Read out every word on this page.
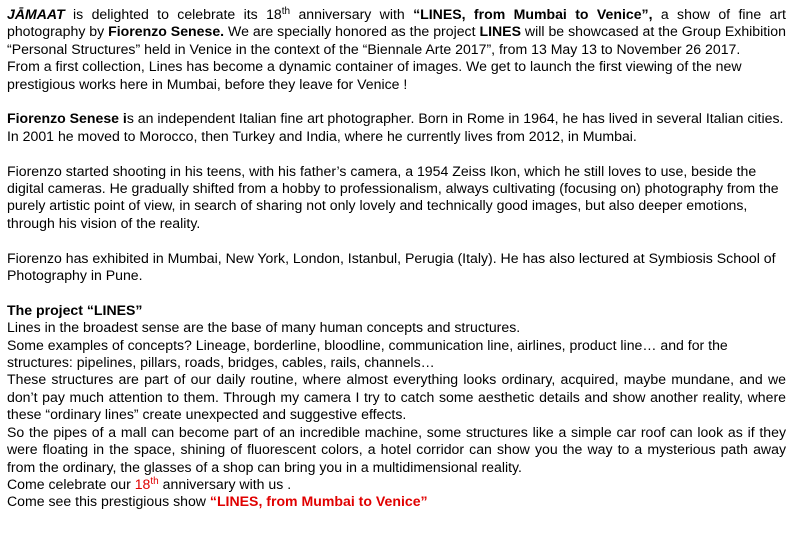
JĀMAAT is delighted to celebrate its 18th anniversary with “LINES, from Mumbai to Venice”, a show of fine art photography by Fiorenzo Senese. We are specially honored as the project LINES will be showcased at the Group Exhibition “Personal Structures” held in Venice in the context of the “Biennale Arte 2017”, from 13 May 13 to November 26 2017.

From a first collection, Lines has become a dynamic container of images. We get to launch the first viewing of the new prestigious works here in Mumbai, before they leave for Venice !

Fiorenzo Senese is an independent Italian fine art photographer. Born in Rome in 1964, he has lived in several Italian cities. In 2001 he moved to Morocco, then Turkey and India, where he currently lives from 2012, in Mumbai.

Fiorenzo started shooting in his teens, with his father’s camera, a 1954 Zeiss Ikon, which he still loves to use, beside the digital cameras. He gradually shifted from a hobby to professionalism, always cultivating (focusing on) photography from the purely artistic point of view, in search of sharing not only lovely and technically good images, but also deeper emotions, through his vision of the reality.

Fiorenzo has exhibited in Mumbai, New York, London, Istanbul, Perugia (Italy). He has also lectured at Symbiosis School of Photography in Pune.

The project “LINES”

Lines in the broadest sense are the base of many human concepts and structures.

Some examples of concepts? Lineage, borderline, bloodline, communication line, airlines, product line… and for the structures: pipelines, pillars, roads, bridges, cables, rails, channels…

These structures are part of our daily routine, where almost everything looks ordinary, acquired, maybe mundane, and we don’t pay much attention to them. Through my camera I try to catch some aesthetic details and show another reality, where these “ordinary lines” create unexpected and suggestive effects.

So the pipes of a mall can become part of an incredible machine, some structures like a simple car roof can look as if they were floating in the space, shining of fluorescent colors, a hotel corridor can show you the way to a mysterious path away from the ordinary, the glasses of a shop can bring you in a multidimensional reality.

Come celebrate our 18th anniversary with us .

Come see this prestigious show “LINES, from Mumbai to Venice”
